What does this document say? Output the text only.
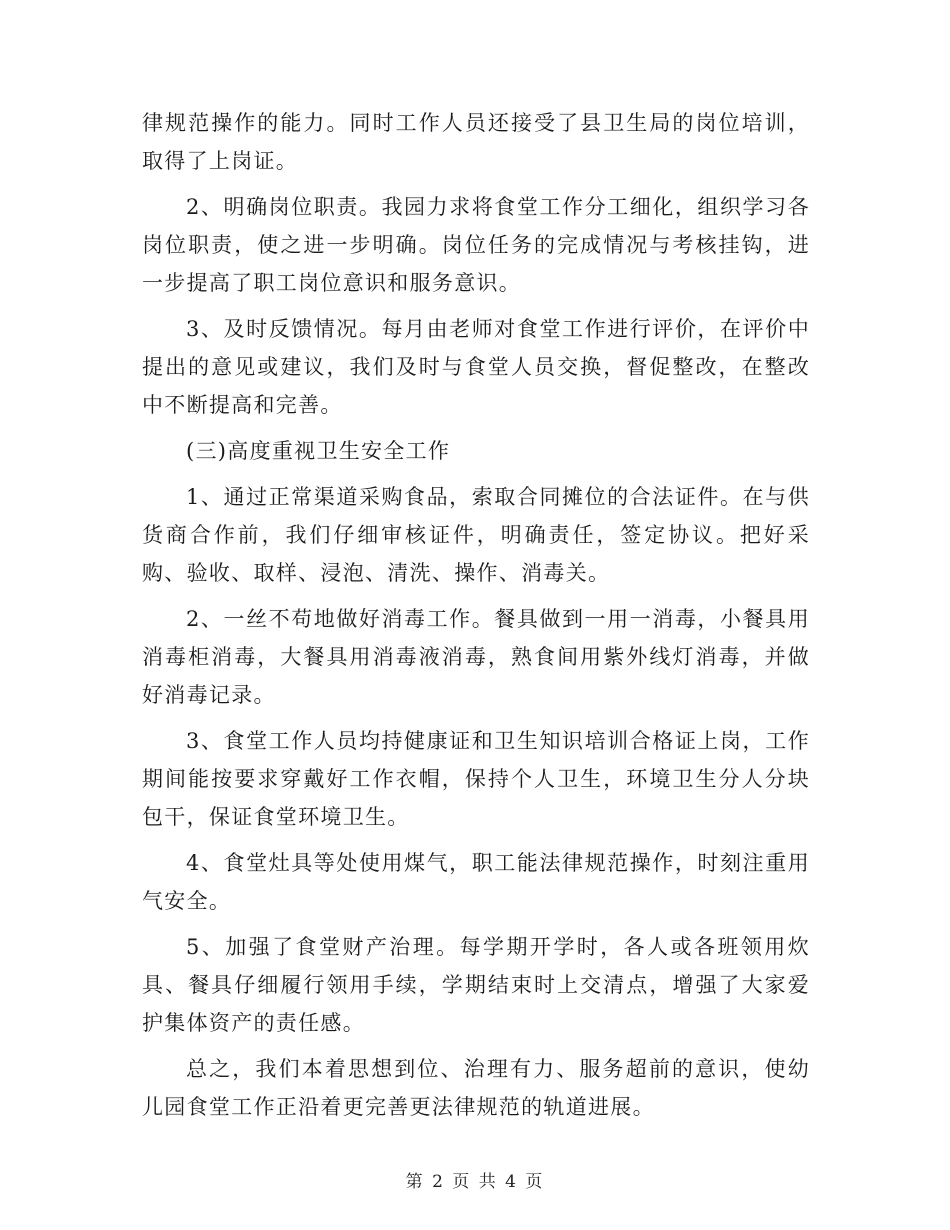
律规范操作的能力。同时工作人员还接受了县卫生局的岗位培训，取得了上岗证。

2、明确岗位职责。我园力求将食堂工作分工细化，组织学习各岗位职责，使之进一步明确。岗位任务的完成情况与考核挂钩，进一步提高了职工岗位意识和服务意识。

3、及时反馈情况。每月由老师对食堂工作进行评价，在评价中提出的意见或建议，我们及时与食堂人员交换，督促整改，在整改中不断提高和完善。

(三)高度重视卫生安全工作

1、通过正常渠道采购食品，索取合同摊位的合法证件。在与供货商合作前，我们仔细审核证件，明确责任，签定协议。把好采购、验收、取样、浸泡、清洗、操作、消毒关。

2、一丝不苟地做好消毒工作。餐具做到一用一消毒，小餐具用消毒柜消毒，大餐具用消毒液消毒，熟食间用紫外线灯消毒，并做好消毒记录。

3、食堂工作人员均持健康证和卫生知识培训合格证上岗，工作期间能按要求穿戴好工作衣帽，保持个人卫生，环境卫生分人分块包干，保证食堂环境卫生。

4、食堂灶具等处使用煤气，职工能法律规范操作，时刻注重用气安全。

5、加强了食堂财产治理。每学期开学时，各人或各班领用炊具、餐具仔细履行领用手续，学期结束时上交清点，增强了大家爱护集体资产的责任感。

总之，我们本着思想到位、治理有力、服务超前的意识，使幼儿园食堂工作正沿着更完善更法律规范的轨道进展。

第 2 页 共 4 页
